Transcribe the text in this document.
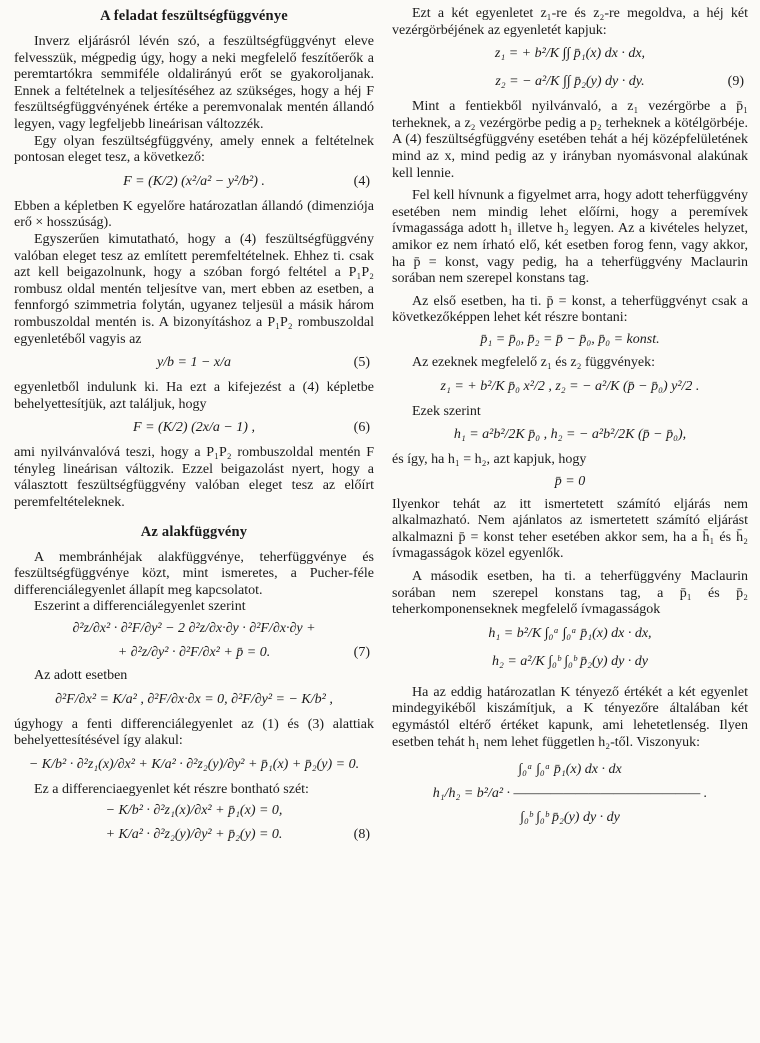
A feladat feszültségfüggvénye

Inverz eljárásról lévén szó, a feszültségfüggvényt eleve felvesszük, mégpedig úgy, hogy a neki megfelelő feszítőerők a peremtartókra semmiféle oldalirányú erőt se gyakoroljanak. Ennek a feltételnek a teljesítéséhez az szükséges, hogy a héj F feszültségfüggvényének értéke a peremvonalak mentén állandó legyen, vagy legfeljebb lineárisan változzék.

Egy olyan feszültségfüggvény, amely ennek a feltételnek pontosan eleget tesz, a következő:

F = (K/2) (x²/a² − y²/b²) .	(4)

Ebben a képletben K egyelőre határozatlan állandó (dimenziója erő × hosszúság).

Egyszerűen kimutatható, hogy a (4) feszültségfüggvény valóban eleget tesz az említett peremfeltételnek. Ehhez ti. csak azt kell beigazolnunk, hogy a szóban forgó feltétel a P₁P₂ rombusz oldal mentén teljesítve van, mert ebben az esetben, a fennforgó szimmetria folytán, ugyanez teljesül a másik három rombuszoldal mentén is. A bizonyításhoz a P₁P₂ rombuszoldal egyenletéből vagyis az

y/b = 1 − x/a	(5)

egyenletből indulunk ki. Ha ezt a kifejezést a (4) képletbe behelyettesítjük, azt találjuk, hogy

F = (K/2) (2x/a − 1) ,	(6)

ami nyilvánvalóvá teszi, hogy a P₁P₂ rombuszoldal mentén F tényleg lineárisan változik. Ezzel beigazolást nyert, hogy a választott feszültségfüggvény valóban eleget tesz az előírt peremfeltételeknek.

Az alakfüggvény

A membránhéjak alakfüggvénye, teherfüggvénye és feszültségfüggvénye közt, mint ismeretes, a Pucher-féle differenciálegyenlet állapít meg kapcsolatot.

Eszerint a differenciálegyenlet szerint

∂²z/∂x² · ∂²F/∂y² − 2 ∂²z/∂x·∂y · ∂²F/∂x·∂y +
+ ∂²z/∂y² · ∂²F/∂x² + p̄ = 0.	(7)

Az adott esetben

∂²F/∂x² = K/a² , ∂²F/∂x·∂x = 0, ∂²F/∂y² = − K/b² ,

úgyhogy a fenti differenciálegyenlet az (1) és (3) alattiak behelyettesítésével így alakul:

− K/b² · ∂²z₁(x)/∂x² + K/a² · ∂²z₂(y)/∂y² + p̄₁(x) + p̄₂(y) = 0.

Ez a differenciaegyenlet két részre bontható szét:

− K/b² · ∂²z₁(x)/∂x² + p̄₁(x) = 0,
+ K/a² · ∂²z₂(y)/∂y² + p̄₂(y) = 0.	(8)

Ezt a két egyenletet z₁-re és z₂-re megoldva, a héj két vezérgörbéjének az egyenletét kapjuk:

z₁ = + b²/K ∫∫ p̄₁(x) dx · dx,
z₂ = − a²/K ∫∫ p̄₂(y) dy · dy.	(9)

Mint a fentiekből nyilvánvaló, a z₁ vezérgörbe a p̄₁ terheknek, a z₂ vezérgörbe pedig a p₂ terheknek a kötélgörbéje. A (4) feszültségfüggvény esetében tehát a héj középfelületének mind az x, mind pedig az y irányban nyomásvonal alakúnak kell lennie.

Fel kell hívnunk a figyelmet arra, hogy adott teherfüggvény esetében nem mindig lehet előírni, hogy a peremívek ívmagassága adott h₁ illetve h₂ legyen. Az a kivételes helyzet, amikor ez nem írható elő, két esetben forog fenn, vagy akkor, ha p̄ = konst, vagy pedig, ha a teherfüggvény Maclaurin sorában nem szerepel konstans tag.

Az első esetben, ha ti. p̄ = konst, a teherfüggvényt csak a következőképpen lehet két részre bontani:

p̄₁ = p̄₀, p̄₂ = p̄ − p̄₀, p̄₀ = konst.

Az ezeknek megfelelő z₁ és z₂ függvények:

z₁ = + b²/K p̄₀ x²/2 , z₂ = − a²/K (p̄ − p̄₀) y²/2 .

Ezek szerint

h₁ = a²b²/2K p̄₀ , h₂ = − a²b²/2K (p̄ − p̄₀),

és így, ha h₁ = h₂, azt kapjuk, hogy

p̄ = 0

Ilyenkor tehát az itt ismertetett számító eljárás nem alkalmazható. Nem ajánlatos az ismertetett számító eljárást alkalmazni p̄ = konst teher esetében akkor sem, ha a h̄₁ és h̄₂ ívmagasságok közel egyenlők.

A második esetben, ha ti. a teherfüggvény Maclaurin sorában nem szerepel konstans tag, a p̄₁ és p̄₂ teherkomponenseknek megfelelő ívmagasságok

h₁ = b²/K ∫₀ᵃ ∫₀ᵃ p̄₁(x) dx · dx,
h₂ = a²/K ∫₀ᵇ ∫₀ᵇ p̄₂(y) dy · dy

Ha az eddig határozatlan K tényező értékét a két egyenlet mindegyikéből kiszámítjuk, a K tényezőre általában két egymástól eltérő értéket kapunk, ami lehetetlenség. Ilyen esetben tehát h₁ nem lehet független h₂-től. Viszonyuk:

∫₀ᵃ ∫₀ᵃ p̄₁(x) dx · dx
h₁/h₂ = b²/a² · ——————————————— .
∫₀ᵇ ∫₀ᵇ p̄₂(y) dy · dy
